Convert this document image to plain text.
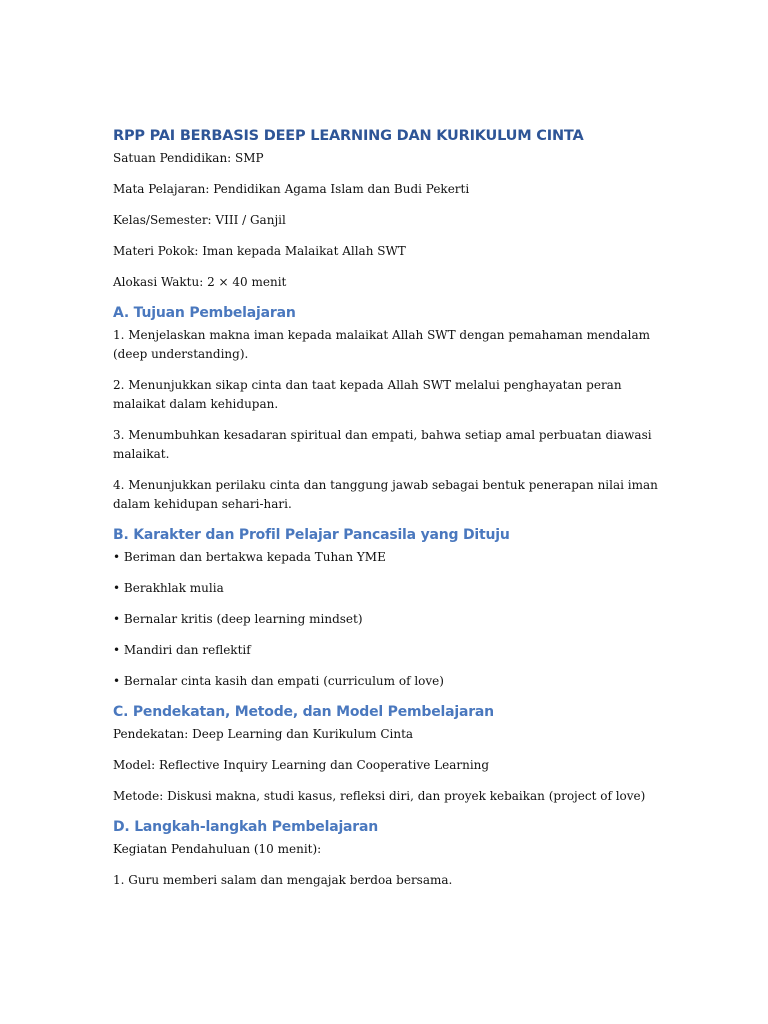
RPP PAI BERBASIS DEEP LEARNING DAN KURIKULUM CINTA

Satuan Pendidikan: SMP

Mata Pelajaran: Pendidikan Agama Islam dan Budi Pekerti

Kelas/Semester: VIII / Ganjil

Materi Pokok: Iman kepada Malaikat Allah SWT

Alokasi Waktu: 2 × 40 menit

A. Tujuan Pembelajaran

1. Menjelaskan makna iman kepada malaikat Allah SWT dengan pemahaman mendalam (deep understanding).

2. Menunjukkan sikap cinta dan taat kepada Allah SWT melalui penghayatan peran malaikat dalam kehidupan.

3. Menumbuhkan kesadaran spiritual dan empati, bahwa setiap amal perbuatan diawasi malaikat.

4. Menunjukkan perilaku cinta dan tanggung jawab sebagai bentuk penerapan nilai iman dalam kehidupan sehari-hari.

B. Karakter dan Profil Pelajar Pancasila yang Dituju

• Beriman dan bertakwa kepada Tuhan YME

• Berakhlak mulia

• Bernalar kritis (deep learning mindset)

• Mandiri dan reflektif

• Bernalar cinta kasih dan empati (curriculum of love)

C. Pendekatan, Metode, dan Model Pembelajaran

Pendekatan: Deep Learning dan Kurikulum Cinta

Model: Reflective Inquiry Learning dan Cooperative Learning

Metode: Diskusi makna, studi kasus, refleksi diri, dan proyek kebaikan (project of love)

D. Langkah-langkah Pembelajaran

Kegiatan Pendahuluan (10 menit):

1. Guru memberi salam dan mengajak berdoa bersama.
